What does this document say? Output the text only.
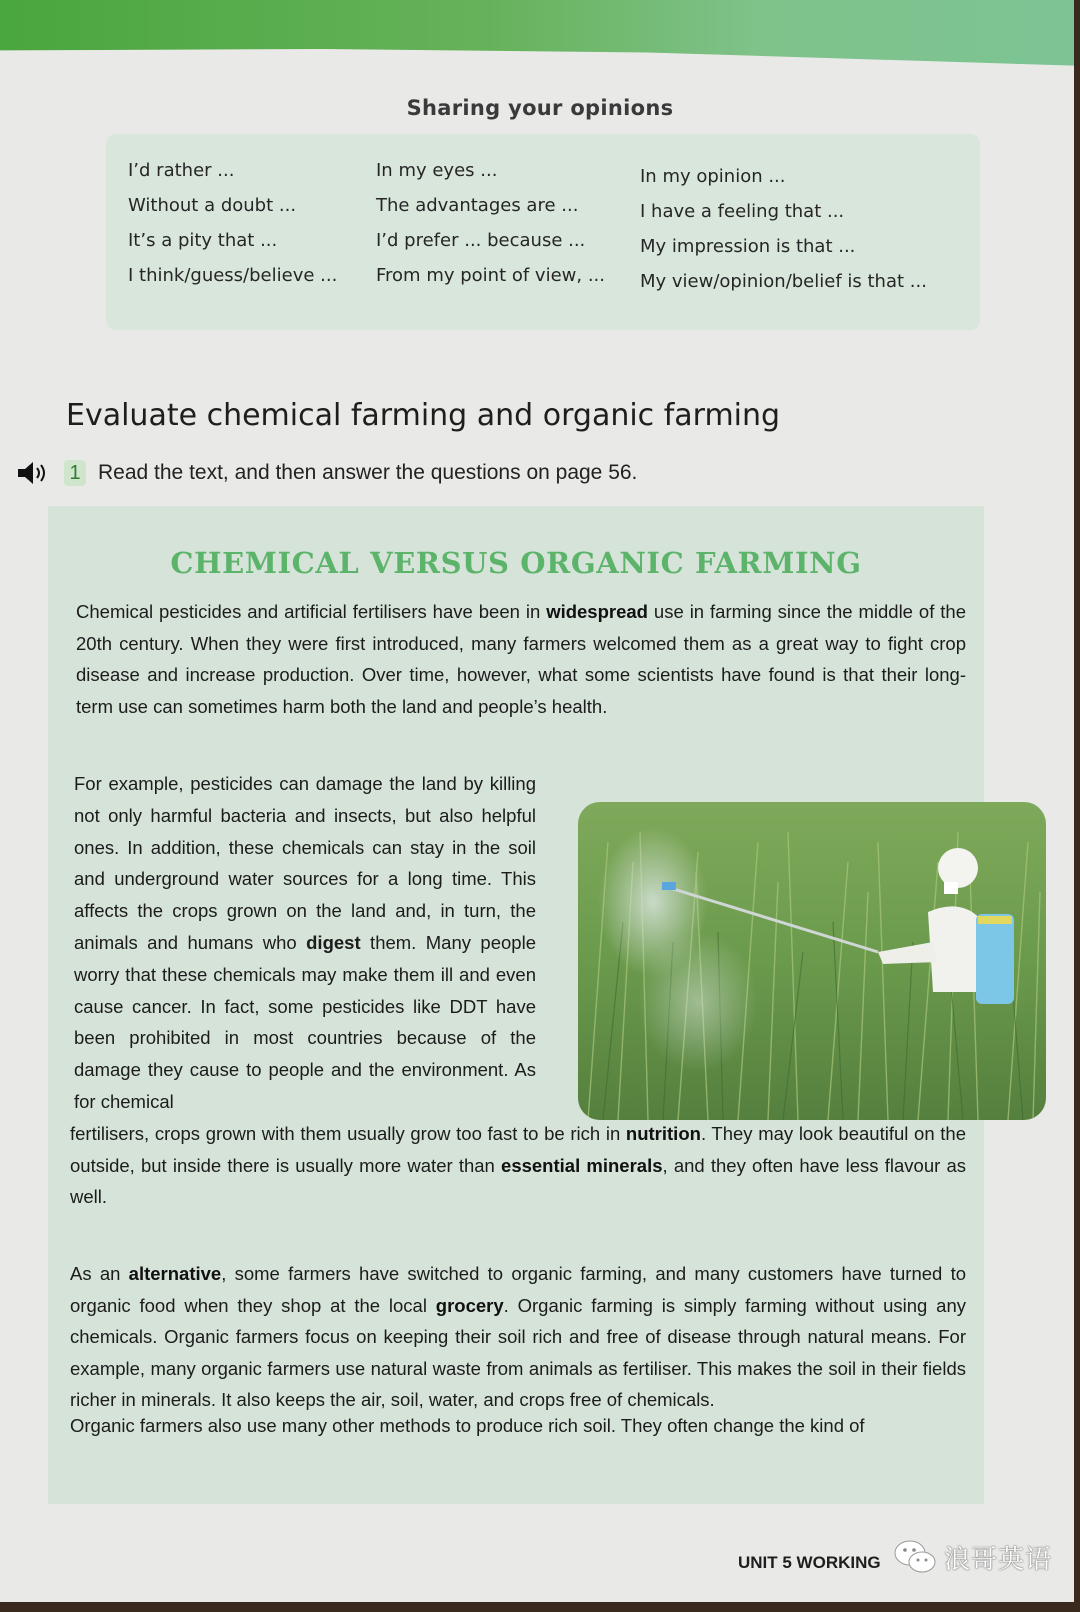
Sharing your opinions
I’d rather ...
Without a doubt ...
It’s a pity that ...
I think/guess/believe ...
In my eyes ...
The advantages are ...
I’d prefer ... because ...
From my point of view, ...
In my opinion ...
I have a feeling that ...
My impression is that ...
My view/opinion/belief is that ...
Evaluate chemical farming and organic farming
1 Read the text, and then answer the questions on page 56.
CHEMICAL VERSUS ORGANIC FARMING
Chemical pesticides and artificial fertilisers have been in widespread use in farming since the middle of the 20th century. When they were first introduced, many farmers welcomed them as a great way to fight crop disease and increase production. Over time, however, what some scientists have found is that their long-term use can sometimes harm both the land and people’s health.
For example, pesticides can damage the land by killing not only harmful bacteria and insects, but also helpful ones. In addition, these chemicals can stay in the soil and underground water sources for a long time. This affects the crops grown on the land and, in turn, the animals and humans who digest them. Many people worry that these chemicals may make them ill and even cause cancer. In fact, some pesticides like DDT have been prohibited in most countries because of the damage they cause to people and the environment. As for chemical
fertilisers, crops grown with them usually grow too fast to be rich in nutrition. They may look beautiful on the outside, but inside there is usually more water than essential minerals, and they often have less flavour as well.
As an alternative, some farmers have switched to organic farming, and many customers have turned to organic food when they shop at the local grocery. Organic farming is simply farming without using any chemicals. Organic farmers focus on keeping their soil rich and free of disease through natural means. For example, many organic farmers use natural waste from animals as fertiliser. This makes the soil in their fields richer in minerals. It also keeps the air, soil, water, and crops free of chemicals.
Organic farmers also use many other methods to produce rich soil. They often change the kind of
UNIT 5 WORKING 浪哥英语
